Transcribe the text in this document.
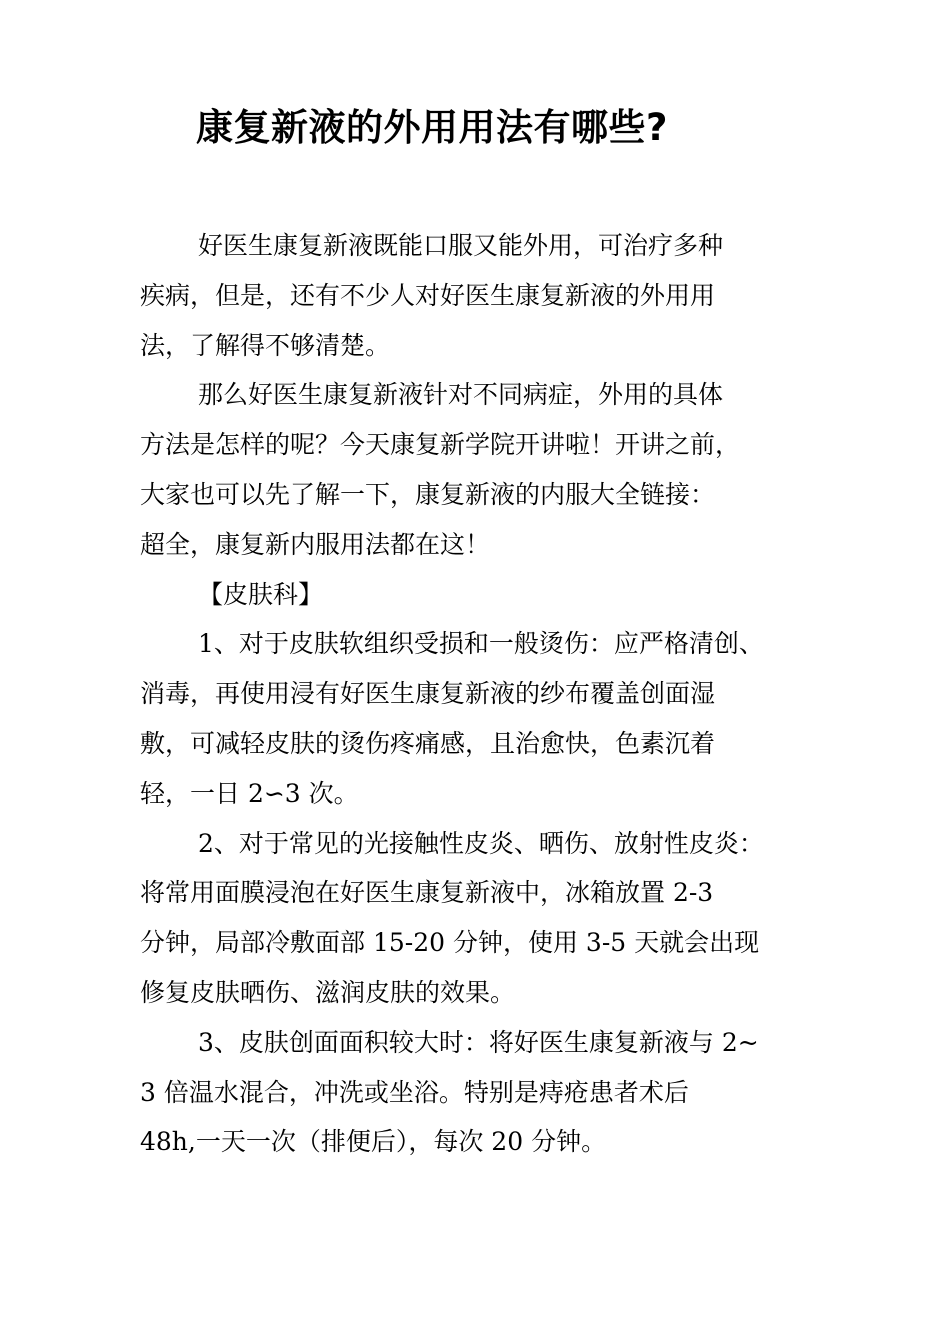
康复新液的外用用法有哪些?

好医生康复新液既能口服又能外用，可治疗多种

疾病，但是，还有不少人对好医生康复新液的外用用

法，了解得不够清楚。

那么好医生康复新液针对不同病症，外用的具体

方法是怎样的呢？今天康复新学院开讲啦！开讲之前，

大家也可以先了解一下，康复新液的内服大全链接：

超全，康复新内服用法都在这！

【皮肤科】

1、对于皮肤软组织受损和一般烫伤：应严格清创、

消毒，再使用浸有好医生康复新液的纱布覆盖创面湿

敷，可减轻皮肤的烫伤疼痛感，且治愈快，色素沉着

轻，一日 2∽3 次。

2、对于常见的光接触性皮炎、晒伤、放射性皮炎：

将常用面膜浸泡在好医生康复新液中，冰箱放置 2-3

分钟，局部冷敷面部 15-20 分钟，使用 3-5 天就会出现

修复皮肤晒伤、滋润皮肤的效果。

3、皮肤创面面积较大时：将好医生康复新液与 2~

3 倍温水混合，冲洗或坐浴。特别是痔疮患者术后

48h,一天一次（排便后），每次 20 分钟。
